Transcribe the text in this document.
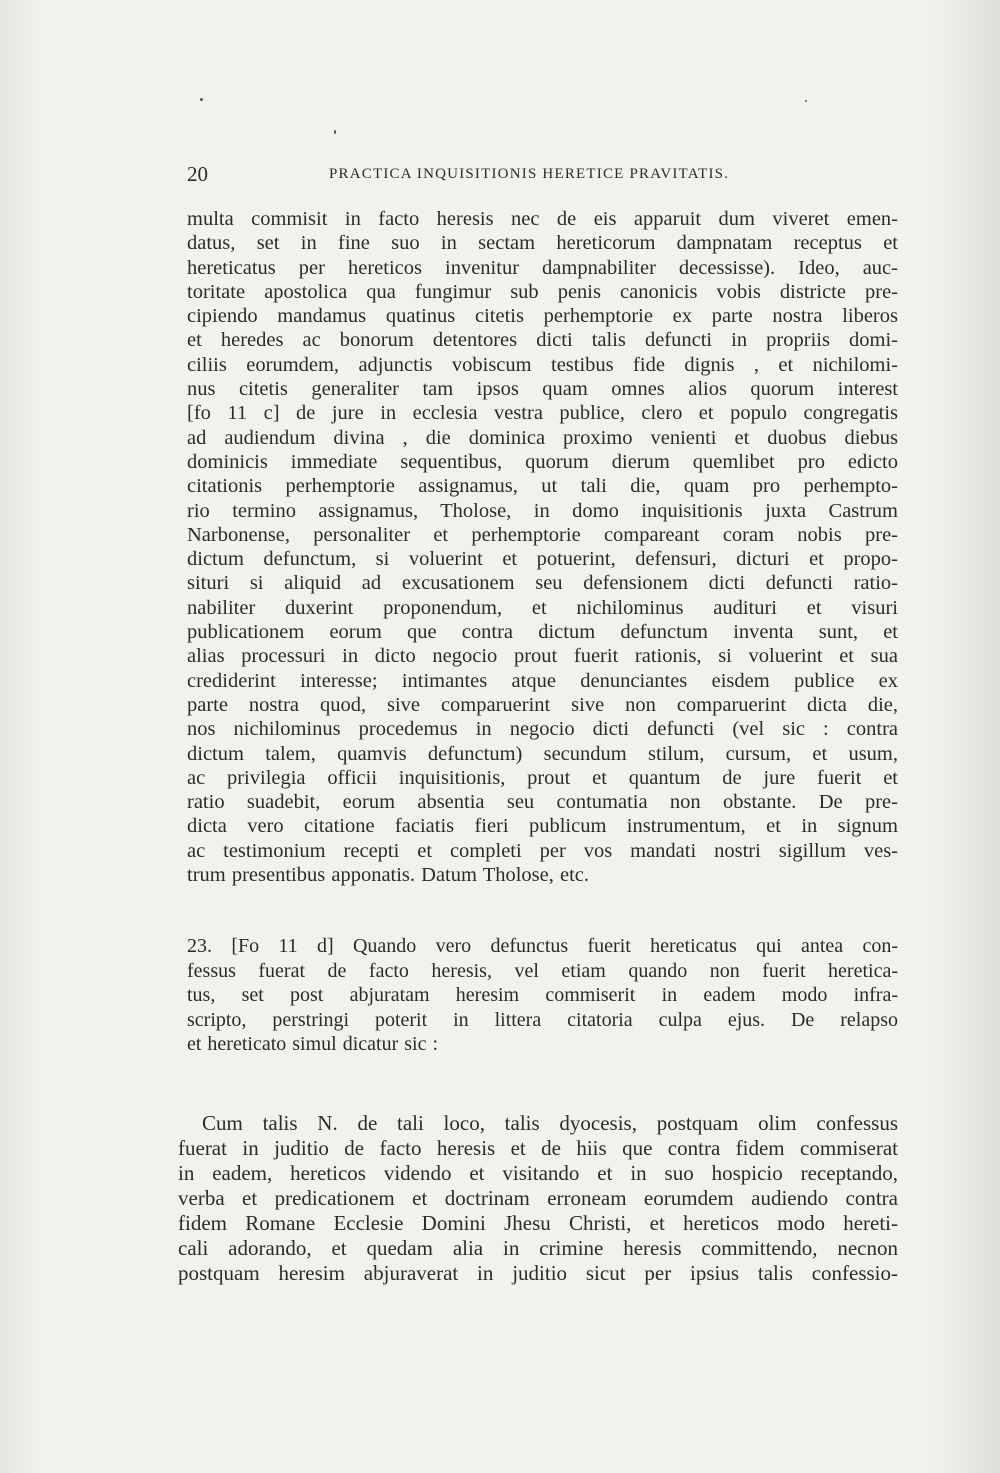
20	PRACTICA INQUISITIONIS HERETICE PRAVITATIS.
multa commisit in facto heresis nec de eis apparuit dum viveret emen-
datus, set in fine suo in sectam hereticorum dampnatam receptus et
hereticatus per hereticos invenitur dampnabiliter decessisse). Ideo, auc-
toritate apostolica qua fungimur sub penis canonicis vobis districte pre-
cipiendo mandamus quatinus citetis perhemptorie ex parte nostra liberos
et heredes ac bonorum detentores dicti talis defuncti in propriis domi-
ciliis eorumdem, adjunctis vobiscum testibus fide dignis , et nichilomi-
nus citetis generaliter tam ipsos quam omnes alios quorum interest
[fo 11 c] de jure in ecclesia vestra publice, clero et populo congregatis
ad audiendum divina , die dominica proximo venienti et duobus diebus
dominicis immediate sequentibus, quorum dierum quemlibet pro edicto
citationis perhemptorie assignamus, ut tali die, quam pro perhempto-
rio termino assignamus, Tholose, in domo inquisitionis juxta Castrum
Narbonense, personaliter et perhemptorie compareant coram nobis pre-
dictum defunctum, si voluerint et potuerint, defensuri, dicturi et propo-
situri si aliquid ad excusationem seu defensionem dicti defuncti ratio-
nabiliter duxerint proponendum, et nichilominus audituri et visuri
publicationem eorum que contra dictum defunctum inventa sunt, et
alias processuri in dicto negocio prout fuerit rationis, si voluerint et sua
crediderint interesse; intimantes atque denunciantes eisdem publice ex
parte nostra quod, sive comparuerint sive non comparuerint dicta die,
nos nichilominus procedemus in negocio dicti defuncti (vel sic : contra
dictum talem, quamvis defunctum) secundum stilum, cursum, et usum,
ac privilegia officii inquisitionis, prout et quantum de jure fuerit et
ratio suadebit, eorum absentia seu contumatia non obstante. De pre-
dicta vero citatione faciatis fieri publicum instrumentum, et in signum
ac testimonium recepti et completi per vos mandati nostri sigillum ves-
trum presentibus apponatis. Datum Tholose, etc.
23. [Fo 11 d] Quando vero defunctus fuerit hereticatus qui antea con-
fessus fuerat de facto heresis, vel etiam quando non fuerit heretica-
tus, set post abjuratam heresim commiserit in eadem modo infra-
scripto, perstringi poterit in littera citatoria culpa ejus. De relapso
et hereticato simul dicatur sic :
Cum talis N. de tali loco, talis dyocesis, postquam olim confessus
fuerat in juditio de facto heresis et de hiis que contra fidem commiserat
in eadem, hereticos videndo et visitando et in suo hospicio receptando,
verba et predicationem et doctrinam erroneam eorumdem audiendo contra
fidem Romane Ecclesie Domini Jhesu Christi, et hereticos modo hereti-
cali adorando, et quedam alia in crimine heresis committendo, necnon
postquam heresim abjuraverat in juditio sicut per ipsius talis confessio-
